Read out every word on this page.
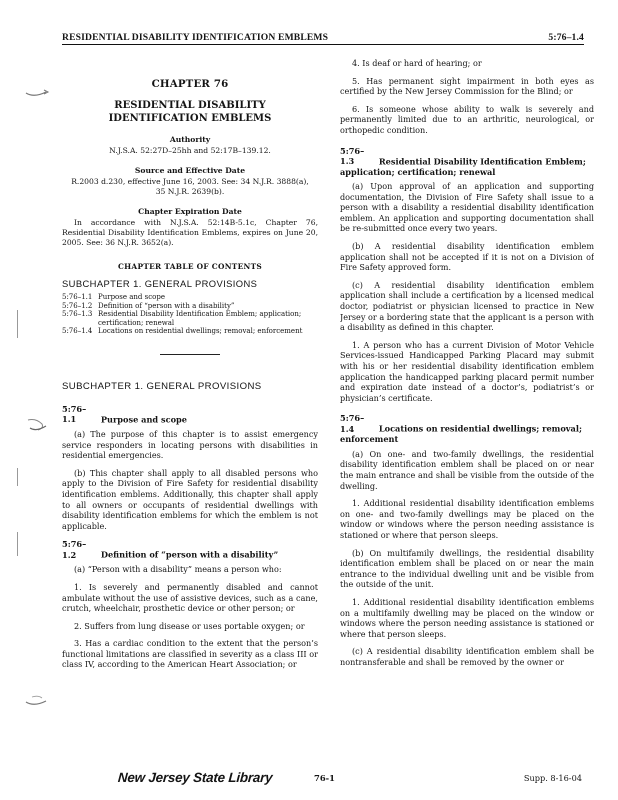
RESIDENTIAL DISABILITY IDENTIFICATION EMBLEMS	5:76–1.4
CHAPTER 76
RESIDENTIAL DISABILITY IDENTIFICATION EMBLEMS
Authority
N.J.S.A. 52:27D–25hh and 52:17B–139.12.
Source and Effective Date
R.2003 d.230, effective June 16, 2003. See: 34 N.J.R. 3888(a), 35 N.J.R. 2639(b).
Chapter Expiration Date
In accordance with N.J.S.A. 52:14B-5.1c, Chapter 76, Residential Disability Identification Emblems, expires on June 20, 2005. See: 36 N.J.R. 3652(a).
CHAPTER TABLE OF CONTENTS
SUBCHAPTER 1. GENERAL PROVISIONS
5:76–1.1 Purpose and scope
5:76–1.2 Definition of “person with a disability”
5:76–1.3 Residential Disability Identification Emblem; application; certification; renewal
5:76–1.4 Locations on residential dwellings; removal; enforcement
SUBCHAPTER 1. GENERAL PROVISIONS
5:76–1.1	Purpose and scope

(a) The purpose of this chapter is to assist emergency service responders in locating persons with disabilities in residential emergencies.

(b) This chapter shall apply to all disabled persons who apply to the Division of Fire Safety for residential disability identification emblems. Additionally, this chapter shall apply to all owners or occupants of residential dwellings with disability identification emblems for which the emblem is not applicable.

5:76–1.2	Definition of “person with a disability”

(a) “Person with a disability” means a person who:

1. Is severely and permanently disabled and cannot ambulate without the use of assistive devices, such as a cane, crutch, wheelchair, prosthetic device or other person; or

2. Suffers from lung disease or uses portable oxygen; or

3. Has a cardiac condition to the extent that the person’s functional limitations are classified in severity as a class III or class IV, according to the American Heart Association; or

4. Is deaf or hard of hearing; or

5. Has permanent sight impairment in both eyes as certified by the New Jersey Commission for the Blind; or

6. Is someone whose ability to walk is severely and permanently limited due to an arthritic, neurological, or orthopedic condition.

5:76–1.3	Residential Disability Identification Emblem; application; certification; renewal

(a) Upon approval of an application and supporting documentation, the Division of Fire Safety shall issue to a person with a disability a residential disability identification emblem. An application and supporting documentation shall be re-submitted once every two years.

(b) A residential disability identification emblem application shall not be accepted if it is not on a Division of Fire Safety approved form.

(c) A residential disability identification emblem application shall include a certification by a licensed medical doctor, podiatrist or physician licensed to practice in New Jersey or a bordering state that the applicant is a person with a disability as defined in this chapter.

1. A person who has a current Division of Motor Vehicle Services-issued Handicapped Parking Placard may submit with his or her residential disability identification emblem application the handicapped parking placard permit number and expiration date instead of a doctor’s, podiatrist’s or physician’s certificate.

5:76–1.4	Locations on residential dwellings; removal; enforcement

(a) On one- and two-family dwellings, the residential disability identification emblem shall be placed on or near the main entrance and shall be visible from the outside of the dwelling.

1. Additional residential disability identification emblems on one- and two-family dwellings may be placed on the window or windows where the person needing assistance is stationed or where that person sleeps.

(b) On multifamily dwellings, the residential disability identification emblem shall be placed on or near the main entrance to the individual dwelling unit and be visible from the outside of the unit.

1. Additional residential disability identification emblems on a multifamily dwelling may be placed on the window or windows where the person needing assistance is stationed or where that person sleeps.

(c) A residential disability identification emblem shall be nontransferable and shall be removed by the owner or

New Jersey State Library	76-1	Supp. 8-16-04
